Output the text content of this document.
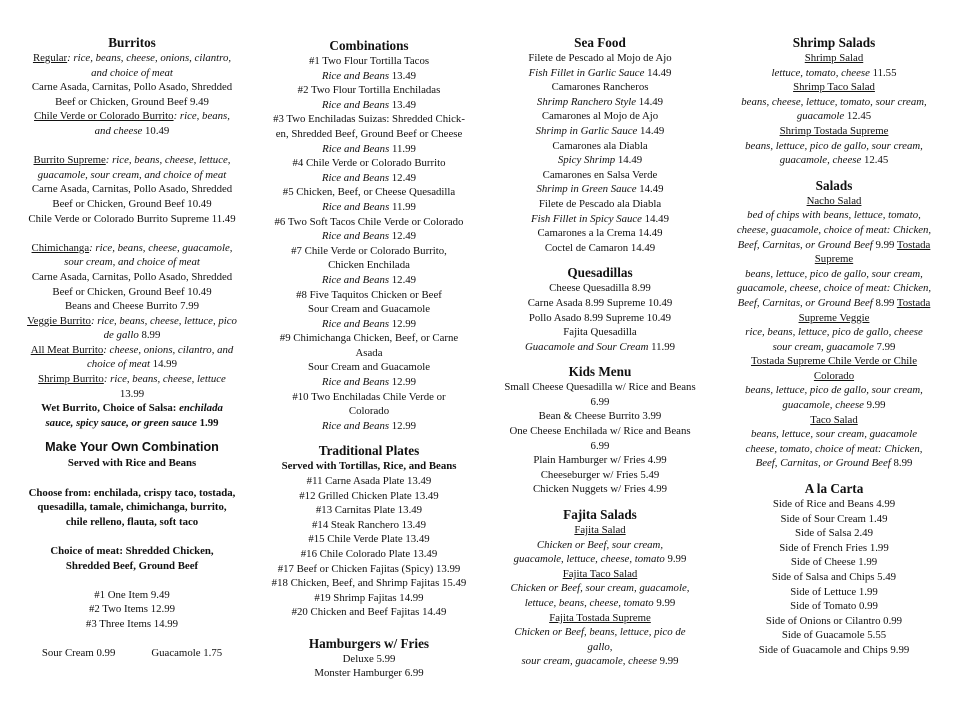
Burritos
Regular: rice, beans, cheese, onions, cilantro,
and choice of meat
Carne Asada, Carnitas, Pollo Asado, Shredded
Beef or Chicken, Ground Beef 9.49
Chile Verde or Colorado Burrito: rice, beans,
and cheese 10.49
Burrito Supreme: rice, beans, cheese, lettuce,
guacamole, sour cream, and choice of meat
Carne Asada, Carnitas, Pollo Asado, Shredded
Beef or Chicken, Ground Beef 10.49
Chile Verde or Colorado Burrito Supreme 11.49
Chimichanga: rice, beans, cheese, guacamole,
sour cream, and choice of meat
Carne Asada, Carnitas, Pollo Asado, Shredded
Beef or Chicken, Ground Beef 10.49
Beans and Cheese Burrito 7.99
Veggie Burrito: rice, beans, cheese, lettuce, pico
de gallo 8.99
All Meat Burrito: cheese, onions, cilantro, and
choice of meat 14.99
Shrimp Burrito: rice, beans, cheese, lettuce
13.99
Wet Burrito, Choice of Salsa: enchilada
sauce, spicy sauce, or green sauce 1.99
Make Your Own Combination
Served with Rice and Beans
Choose from: enchilada, crispy taco, tostada,
quesadilla, tamale, chimichanga, burrito,
chile relleno, flauta, soft taco
Choice of meat: Shredded Chicken,
Shredded Beef, Ground Beef
#1 One Item 9.49
#2 Two Items 12.99
#3 Three Items 14.99
Sour Cream 0.99	Guacamole 1.75
Combinations
#1 Two Flour Tortilla Tacos
Rice and Beans 13.49
#2 Two Flour Tortilla Enchiladas
Rice and Beans 13.49
#3 Two Enchiladas Suizas: Shredded Chick-
en, Shredded Beef, Ground Beef or Cheese
Rice and Beans 11.99
#4 Chile Verde or Colorado Burrito
Rice and Beans 12.49
#5 Chicken, Beef, or Cheese Quesadilla
Rice and Beans 11.99
#6 Two Soft Tacos Chile Verde or Colorado
Rice and Beans 12.49
#7 Chile Verde or Colorado Burrito,
Chicken Enchilada
Rice and Beans 12.49
#8 Five Taquitos Chicken or Beef
Sour Cream and Guacamole
Rice and Beans 12.99
#9 Chimichanga Chicken, Beef, or Carne
Asada
Sour Cream and Guacamole
Rice and Beans 12.99
#10 Two Enchiladas Chile Verde or
Colorado
Rice and Beans 12.99
Traditional Plates
Served with Tortillas, Rice, and Beans
#11 Carne Asada Plate 13.49
#12 Grilled Chicken Plate 13.49
#13 Carnitas Plate 13.49
#14 Steak Ranchero 13.49
#15 Chile Verde Plate 13.49
#16 Chile Colorado Plate 13.49
#17 Beef or Chicken Fajitas (Spicy) 13.99
#18 Chicken, Beef, and Shrimp Fajitas 15.49
#19 Shrimp Fajitas 14.99
#20 Chicken and Beef Fajitas 14.49
Hamburgers w/ Fries
Deluxe 5.99
Monster Hamburger 6.99
Sea Food
Filete de Pescado al Mojo de Ajo
Fish Fillet in Garlic Sauce 14.49
Camarones Rancheros
Shrimp Ranchero Style 14.49
Camarones al Mojo de Ajo
Shrimp in Garlic Sauce 14.49
Camarones ala Diabla
Spicy Shrimp 14.49
Camarones en Salsa Verde
Shrimp in Green Sauce 14.49
Filete de Pescado ala Diabla
Fish Fillet in Spicy Sauce 14.49
Camarones a la Crema 14.49
Coctel de Camaron 14.49
Quesadillas
Cheese Quesadilla 8.99
Carne Asada 8.99 Supreme 10.49
Pollo Asado 8.99 Supreme 10.49
Fajita Quesadilla
Guacamole and Sour Cream 11.99
Kids Menu
Small Cheese Quesadilla w/ Rice and Beans
6.99
Bean & Cheese Burrito 3.99
One Cheese Enchilada w/ Rice and Beans
6.99
Plain Hamburger w/ Fries 4.99
Cheeseburger w/ Fries 5.49
Chicken Nuggets w/ Fries 4.99
Fajita Salads
Fajita Salad
Chicken or Beef, sour cream,
guacamole, lettuce, cheese, tomato 9.99
Fajita Taco Salad
Chicken or Beef, sour cream, guacamole,
lettuce, beans, cheese, tomato 9.99
Fajita Tostada Supreme
Chicken or Beef, beans, lettuce, pico de
gallo,
sour cream, guacamole, cheese 9.99
Shrimp Salads
Shrimp Salad
lettuce, tomato, cheese 11.55
Shrimp Taco Salad
beans, cheese, lettuce, tomato, sour cream,
guacamole 12.45
Shrimp Tostada Supreme
beans, lettuce, pico de gallo, sour cream,
guacamole, cheese 12.45
Salads
Nacho Salad
bed of chips with beans, lettuce, tomato,
cheese, guacamole, choice of meat: Chicken,
Beef, Carnitas, or Ground Beef 9.99 Tostada
Supreme
beans, lettuce, pico de gallo, sour cream,
guacamole, cheese, choice of meat: Chicken,
Beef, Carnitas, or Ground Beef 8.99 Tostada
Supreme Veggie
rice, beans, lettuce, pico de gallo, cheese
sour cream, guacamole 7.99
Tostada Supreme Chile Verde or Chile
Colorado
beans, lettuce, pico de gallo, sour cream,
guacamole, cheese 9.99
Taco Salad
beans, lettuce, sour cream, guacamole
cheese, tomato, choice of meat: Chicken,
Beef, Carnitas, or Ground Beef 8.99
A la Carta
Side of Rice and Beans 4.99
Side of Sour Cream 1.49
Side of Salsa 2.49
Side of French Fries 1.99
Side of Cheese 1.99
Side of Salsa and Chips 5.49
Side of Lettuce 1.99
Side of Tomato 0.99
Side of Onions or Cilantro 0.99
Side of Guacamole 5.55
Side of Guacamole and Chips 9.99
